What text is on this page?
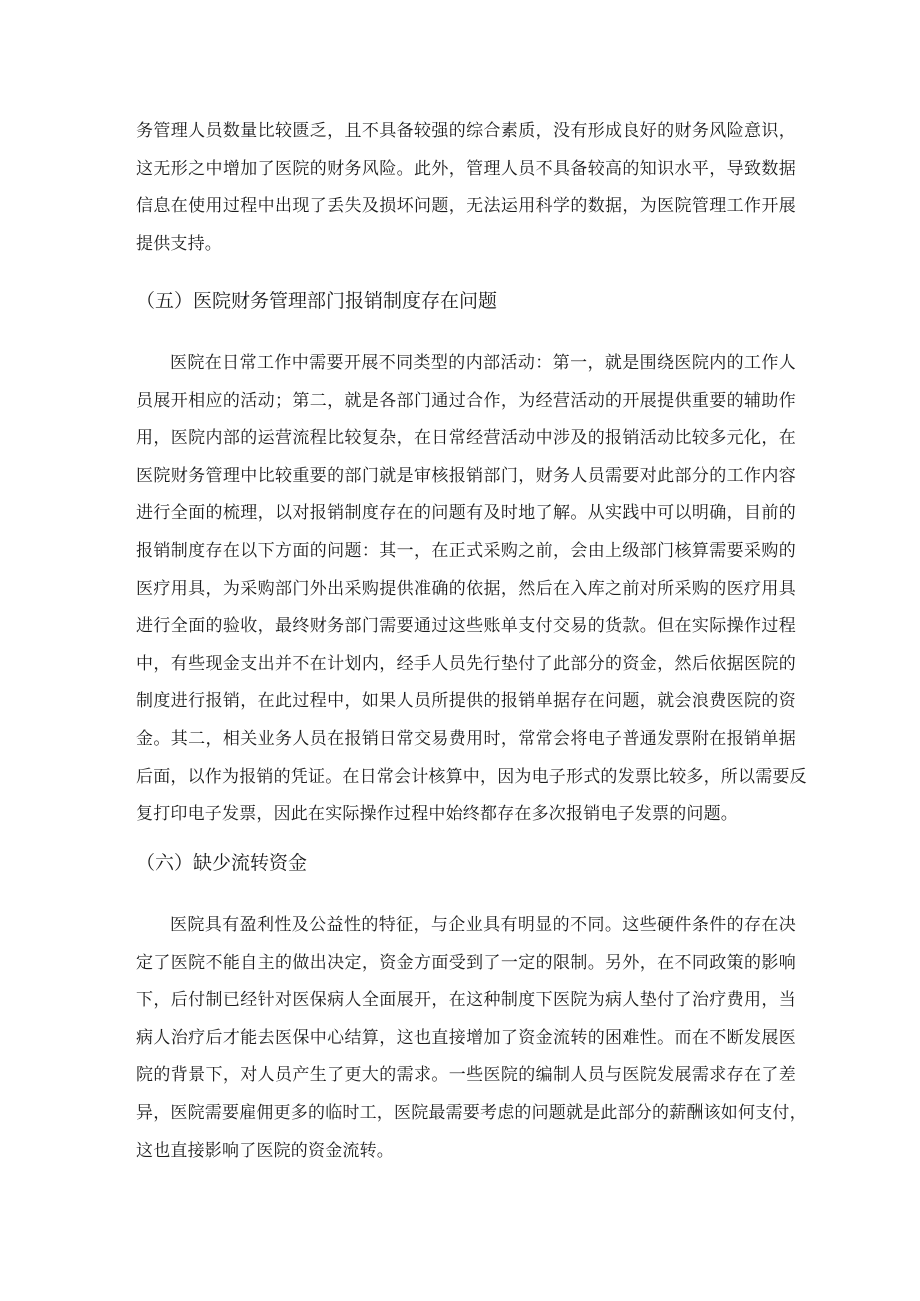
务管理人员数量比较匮乏，且不具备较强的综合素质，没有形成良好的财务风险意识，
这无形之中增加了医院的财务风险。此外，管理人员不具备较高的知识水平，导致数据
信息在使用过程中出现了丢失及损坏问题，无法运用科学的数据，为医院管理工作开展
提供支持。
（五）医院财务管理部门报销制度存在问题
医院在日常工作中需要开展不同类型的内部活动：第一，就是围绕医院内的工作人
员展开相应的活动；第二，就是各部门通过合作，为经营活动的开展提供重要的辅助作
用，医院内部的运营流程比较复杂，在日常经营活动中涉及的报销活动比较多元化，在
医院财务管理中比较重要的部门就是审核报销部门，财务人员需要对此部分的工作内容
进行全面的梳理，以对报销制度存在的问题有及时地了解。从实践中可以明确，目前的
报销制度存在以下方面的问题：其一，在正式采购之前，会由上级部门核算需要采购的
医疗用具，为采购部门外出采购提供准确的依据，然后在入库之前对所采购的医疗用具
进行全面的验收，最终财务部门需要通过这些账单支付交易的货款。但在实际操作过程
中，有些现金支出并不在计划内，经手人员先行垫付了此部分的资金，然后依据医院的
制度进行报销，在此过程中，如果人员所提供的报销单据存在问题，就会浪费医院的资
金。其二，相关业务人员在报销日常交易费用时，常常会将电子普通发票附在报销单据
后面，以作为报销的凭证。在日常会计核算中，因为电子形式的发票比较多，所以需要反
复打印电子发票，因此在实际操作过程中始终都存在多次报销电子发票的问题。
（六）缺少流转资金
医院具有盈利性及公益性的特征，与企业具有明显的不同。这些硬件条件的存在决
定了医院不能自主的做出决定，资金方面受到了一定的限制。另外，在不同政策的影响
下，后付制已经针对医保病人全面展开，在这种制度下医院为病人垫付了治疗费用，当
病人治疗后才能去医保中心结算，这也直接增加了资金流转的困难性。而在不断发展医
院的背景下，对人员产生了更大的需求。一些医院的编制人员与医院发展需求存在了差
异，医院需要雇佣更多的临时工，医院最需要考虑的问题就是此部分的薪酬该如何支付，
这也直接影响了医院的资金流转。
